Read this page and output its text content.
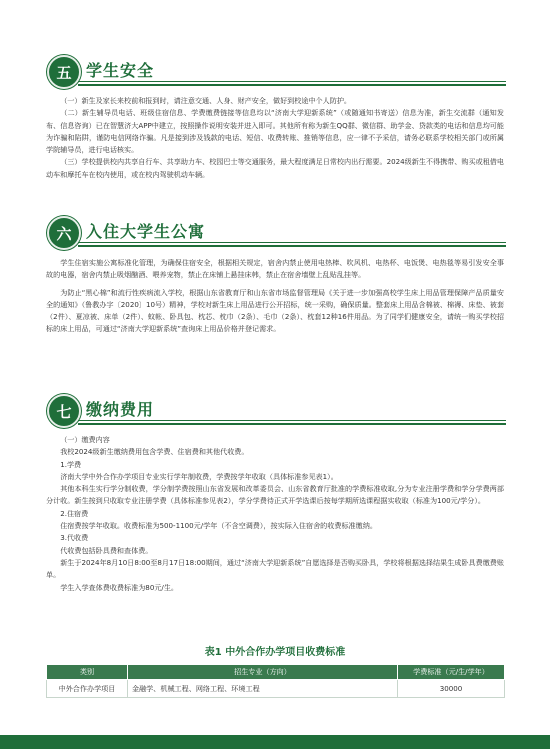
五 学生安全

（一）新生及家长来校前和报到时，请注意交通、人身、财产安全，做好到校途中个人防护。

（二）新生辅导员电话、班级住宿信息、学费缴费链接等信息均以“济南大学迎新系统”（或随通知书寄送）信息为准，新生交流群（通知发布、信息咨询）已在智慧济大APP中建立，按照操作说明安装并进入即可。其他所有称为新生QQ群、微信群、助学金、贷款类的电话和信息均可能为诈骗和陷阱，谨防电信网络诈骗。凡是接到涉及钱款的电话、短信、收费转账、推销等信息，应一律不予采信，请务必联系学校相关部门或所属学院辅导员，进行电话核实。

（三）学校提供校内共享自行车、共享助力车、校园巴士等交通服务，最大程度满足日常校内出行需要。2024级新生不得携带、购买或租借电动车和摩托车在校内使用，或在校内驾驶机动车辆。

六 入住大学生公寓

学生住宿实施公寓标准化管理，为确保住宿安全，根据相关规定，宿舍内禁止使用电热棒、吹风机、电热杯、电饭煲、电热毯等易引发安全事故的电器，宿舍内禁止吸烟酗酒、喂养宠物，禁止在床铺上悬挂床帏，禁止在宿舍墙壁上乱贴乱挂等。

为防止“黑心棉”和流行性疾病流入学校，根据山东省教育厅和山东省市场监督管理局《关于进一步加强高校学生床上用品管理保障产品质量安全的通知》（鲁教办字〔2020〕10号）精神，学校对新生床上用品进行公开招标，统一采购，确保质量。整套床上用品含棉被、棉褥、床垫、被套（2件）、夏凉被、床单（2件）、蚊帐、卧具包、枕芯、枕巾（2条）、毛巾（2条）、枕套12种16件用品。为了同学们健康安全，请统一购买学校招标的床上用品，可通过“济南大学迎新系统”查询床上用品价格并登记需求。

七 缴纳费用

（一）缴费内容

我校2024级新生缴纳费用包含学费、住宿费和其他代收费。

1.学费

济南大学中外合作办学项目专业实行学年制收费，学费按学年收取（具体标准参见表1）。

其他本科生实行学分制收费，学分制学费按照山东省发展和改革委员会、山东省教育厅批准的学费标准收取,分为专业注册学费和学分学费两部分计收。新生按到只收取专业注册学费（具体标准参见表2），学分学费待正式开学选课后按每学期所选课程据实收取（标准为100元/学分）。

2.住宿费

住宿费按学年收取。收费标准为500-1100元/学年（不含空调费），按实际入住宿舍的收费标准缴纳。

3.代收费

代收费包括卧具费和查体费。

新生于2024年8月10日8:00至8月17日18:00期间，通过“济南大学迎新系统”自愿选择是否购买卧具，学校将根据选择结果生成卧具费缴费账单。

学生入学查体费收费标准为80元/生。

表1 中外合作办学项目收费标准
类别	招生专业（方向）	学费标准（元/生/学年）
中外合作办学项目	金融学、机械工程、网络工程、环境工程	30000
